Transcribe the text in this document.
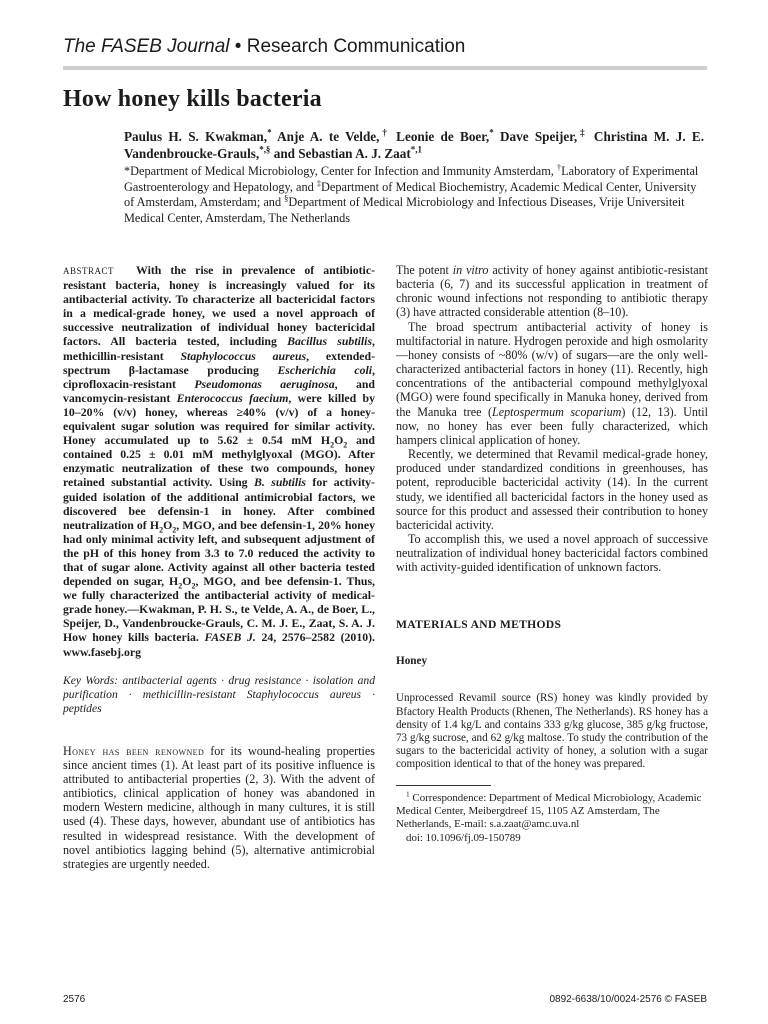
The FASEB Journal • Research Communication
How honey kills bacteria
Paulus H. S. Kwakman,* Anje A. te Velde,† Leonie de Boer,* Dave Speijer,‡ Christina M. J. E. Vandenbroucke-Grauls,*,§ and Sebastian A. J. Zaat$^{*,1}$
*Department of Medical Microbiology, Center for Infection and Immunity Amsterdam, †Laboratory of Experimental Gastroenterology and Hepatology, and ‡Department of Medical Biochemistry, Academic Medical Center, University of Amsterdam, Amsterdam; and §Department of Medical Microbiology and Infectious Diseases, Vrije Universiteit Medical Center, Amsterdam, The Netherlands

ABSTRACT With the rise in prevalence of antibiotic-resistant bacteria, honey is increasingly valued for its antibacterial activity. To characterize all bactericidal factors in a medical-grade honey, we used a novel approach of successive neutralization of individual honey bactericidal factors. All bacteria tested, including Bacillus subtilis, methicillin-resistant Staphylococcus aureus, extended-spectrum β-lactamase producing Escherichia coli, ciprofloxacin-resistant Pseudomonas aeruginosa, and vancomycin-resistant Enterococcus faecium, were killed by 10–20% (v/v) honey, whereas ≥40% (v/v) of a honey-equivalent sugar solution was required for similar activity. Honey accumulated up to 5.62 ± 0.54 mM $H_2O_2$ and contained 0.25 ± 0.01 mM methylglyoxal (MGO). After enzymatic neutralization of these two compounds, honey retained substantial activity. Using B. subtilis for activity-guided isolation of the additional antimicrobial factors, we discovered bee defensin-1 in honey. After combined neutralization of $H_2O_2$, MGO, and bee defensin-1, 20% honey had only minimal activity left, and subsequent adjustment of the pH of this honey from 3.3 to 7.0 reduced the activity to that of sugar alone. Activity against all other bacteria tested depended on sugar, $H_2O_2$, MGO, and bee defensin-1. Thus, we fully characterized the antibacterial activity of medical-grade honey.—Kwakman, P. H. S., te Velde, A. A., de Boer, L., Speijer, D., Vandenbroucke-Grauls, C. M. J. E., Zaat, S. A. J. How honey kills bacteria. FASEB J. 24, 2576–2582 (2010). www.fasebj.org

Key Words: antibacterial agents · drug resistance · isolation and purification · methicillin-resistant Staphylococcus aureus · peptides

Honey has been renowned for its wound-healing properties since ancient times (1). At least part of its positive influence is attributed to antibacterial properties (2, 3). With the advent of antibiotics, clinical application of honey was abandoned in modern Western medicine, although in many cultures, it is still used (4). These days, however, abundant use of antibiotics has resulted in widespread resistance. With the development of novel antibiotics lagging behind (5), alternative antimicrobial strategies are urgently needed.

The potent in vitro activity of honey against antibiotic-resistant bacteria (6, 7) and its successful application in treatment of chronic wound infections not responding to antibiotic therapy (3) have attracted considerable attention (8–10).

The broad spectrum antibacterial activity of honey is multifactorial in nature. Hydrogen peroxide and high osmolarity—honey consists of ~80% (w/v) of sugars—are the only well-characterized antibacterial factors in honey (11). Recently, high concentrations of the antibacterial compound methylglyoxal (MGO) were found specifically in Manuka honey, derived from the Manuka tree (Leptospermum scoparium) (12, 13). Until now, no honey has ever been fully characterized, which hampers clinical application of honey.

Recently, we determined that Revamil medical-grade honey, produced under standardized conditions in greenhouses, has potent, reproducible bactericidal activity (14). In the current study, we identified all bactericidal factors in the honey used as source for this product and assessed their contribution to honey bactericidal activity.

To accomplish this, we used a novel approach of successive neutralization of individual honey bactericidal factors combined with activity-guided identification of unknown factors.

MATERIALS AND METHODS
Honey

Unprocessed Revamil source (RS) honey was kindly provided by Bfactory Health Products (Rhenen, The Netherlands). RS honey has a density of 1.4 kg/L and contains 333 g/kg glucose, 385 g/kg fructose, 73 g/kg sucrose, and 62 g/kg maltose. To study the contribution of the sugars to the bactericidal activity of honey, a solution with a sugar composition identical to that of the honey was prepared.

$^1$ Correspondence: Department of Medical Microbiology, Academic Medical Center, Meibergdreef 15, 1105 AZ Amsterdam, The Netherlands, E-mail: s.a.zaat@amc.uva.nl
doi: 10.1096/fj.09-150789
2576	0892-6638/10/0024-2576 © FASEB
